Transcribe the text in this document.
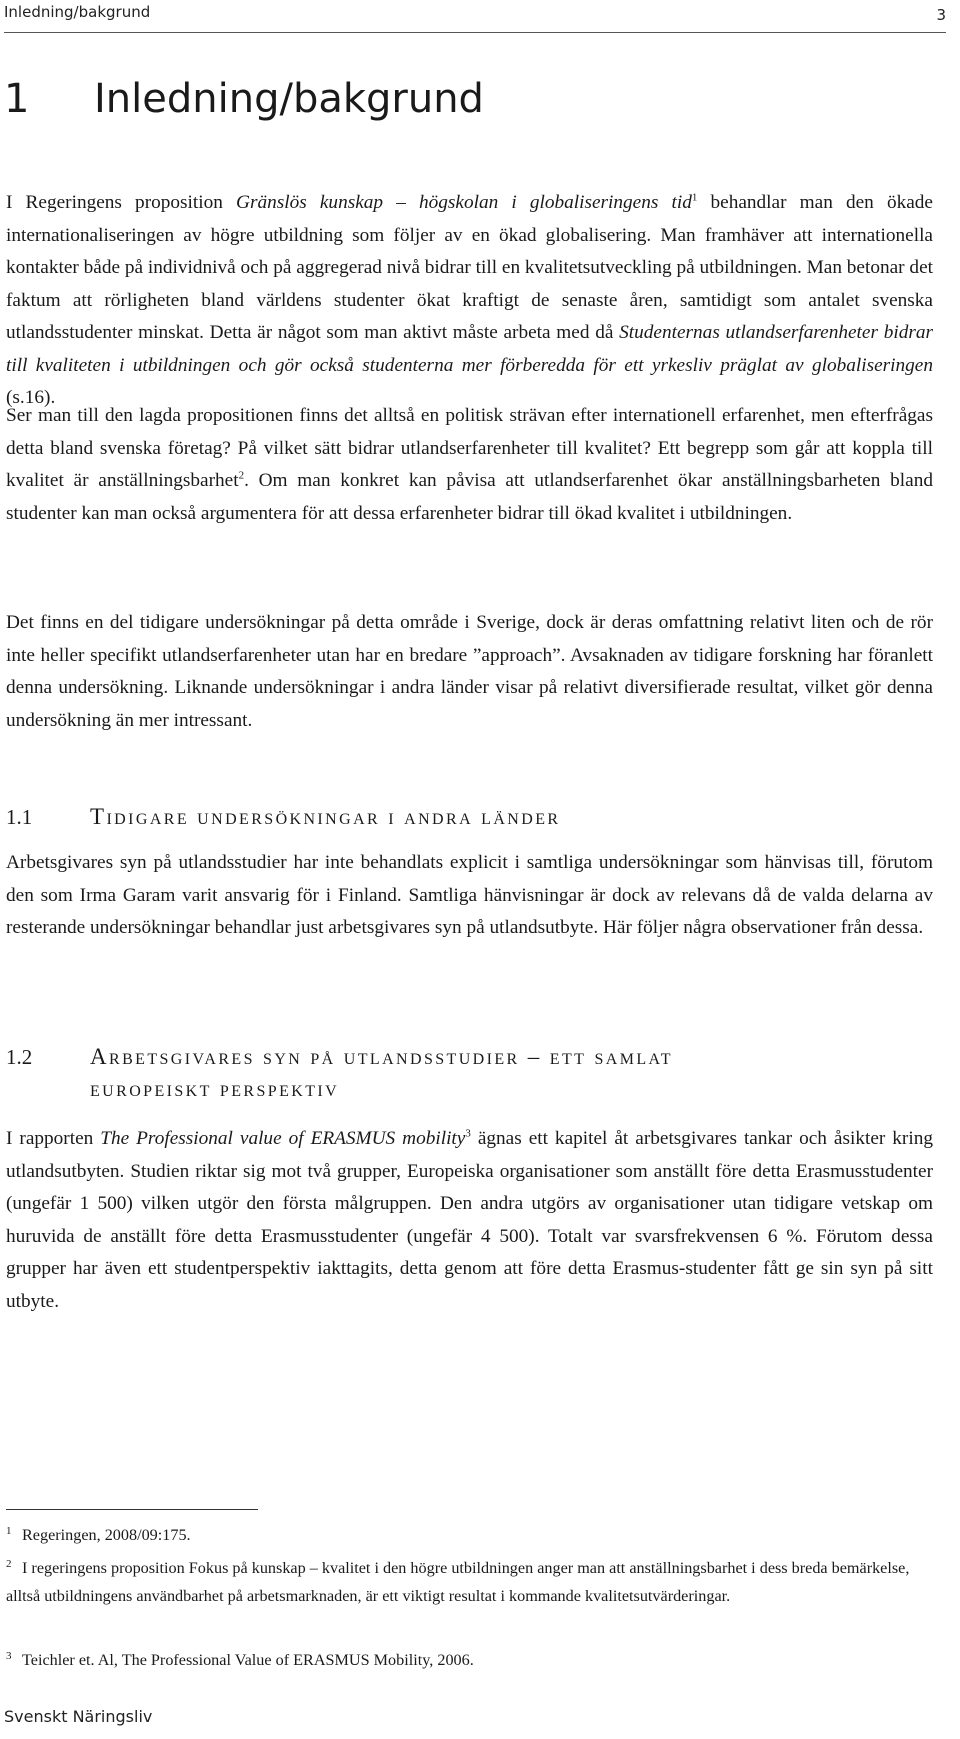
Inledning/bakgrund	3
1 Inledning/bakgrund

I Regeringens proposition Gränslös kunskap – högskolan i globaliseringens tid$^1$ behandlar man den ökade internationaliseringen av högre utbildning som följer av en ökad globalisering. Man framhäver att internationella kontakter både på individnivå och på aggregerad nivå bidrar till en kvalitetsutveckling på utbildningen. Man betonar det faktum att rörligheten bland världens studenter ökat kraftigt de senaste åren, samtidigt som antalet svenska utlandsstudenter minskat. Detta är något som man aktivt måste arbeta med då Studenternas utlandserfarenheter bidrar till kvaliteten i utbildningen och gör också studenterna mer förberedda för ett yrkesliv präglat av globaliseringen (s.16).

Ser man till den lagda propositionen finns det alltså en politisk strävan efter internationell erfarenhet, men efterfrågas detta bland svenska företag? På vilket sätt bidrar utlandserfarenheter till kvalitet? Ett begrepp som går att koppla till kvalitet är anställningsbarhet$^2$. Om man konkret kan påvisa att utlandserfarenhet ökar anställningsbarheten bland studenter kan man också argumentera för att dessa erfarenheter bidrar till ökad kvalitet i utbildningen.

Det finns en del tidigare undersökningar på detta område i Sverige, dock är deras omfattning relativt liten och de rör inte heller specifikt utlandserfarenheter utan har en bredare ”approach”. Avsaknaden av tidigare forskning har föranlett denna undersökning. Liknande undersökningar i andra länder visar på relativt diversifierade resultat, vilket gör denna undersökning än mer intressant.

1.1	Tidigare undersökningar i andra länder

Arbetsgivares syn på utlandsstudier har inte behandlats explicit i samtliga undersökningar som hänvisas till, förutom den som Irma Garam varit ansvarig för i Finland. Samtliga hänvisningar är dock av relevans då de valda delarna av resterande undersökningar behandlar just arbetsgivares syn på utlandsutbyte. Här följer några observationer från dessa.

1.2	Arbetsgivares syn på utlandsstudier – ett samlat
europeiskt perspektiv

I rapporten The Professional value of ERASMUS mobility$^3$ ägnas ett kapitel åt arbetsgivares tankar och åsikter kring utlandsutbyten. Studien riktar sig mot två grupper, Europeiska organisationer som anställt före detta Erasmusstudenter (ungefär 1 500) vilken utgör den första målgruppen. Den andra utgörs av organisationer utan tidigare vetskap om huruvida de anställt före detta Erasmusstudenter (ungefär 4 500). Totalt var svarsfrekvensen 6 %. Förutom dessa grupper har även ett studentperspektiv iakttagits, detta genom att före detta Erasmus-studenter fått ge sin syn på sitt utbyte.

1 Regeringen, 2008/09:175.

2 I regeringens proposition Fokus på kunskap – kvalitet i den högre utbildningen anger man att anställningsbarhet i dess breda bemärkelse, alltså utbildningens användbarhet på arbetsmarknaden, är ett viktigt resultat i kommande kvalitetsutvärderingar.

3 Teichler et. Al, The Professional Value of ERASMUS Mobility, 2006.

Svenskt Näringsliv
